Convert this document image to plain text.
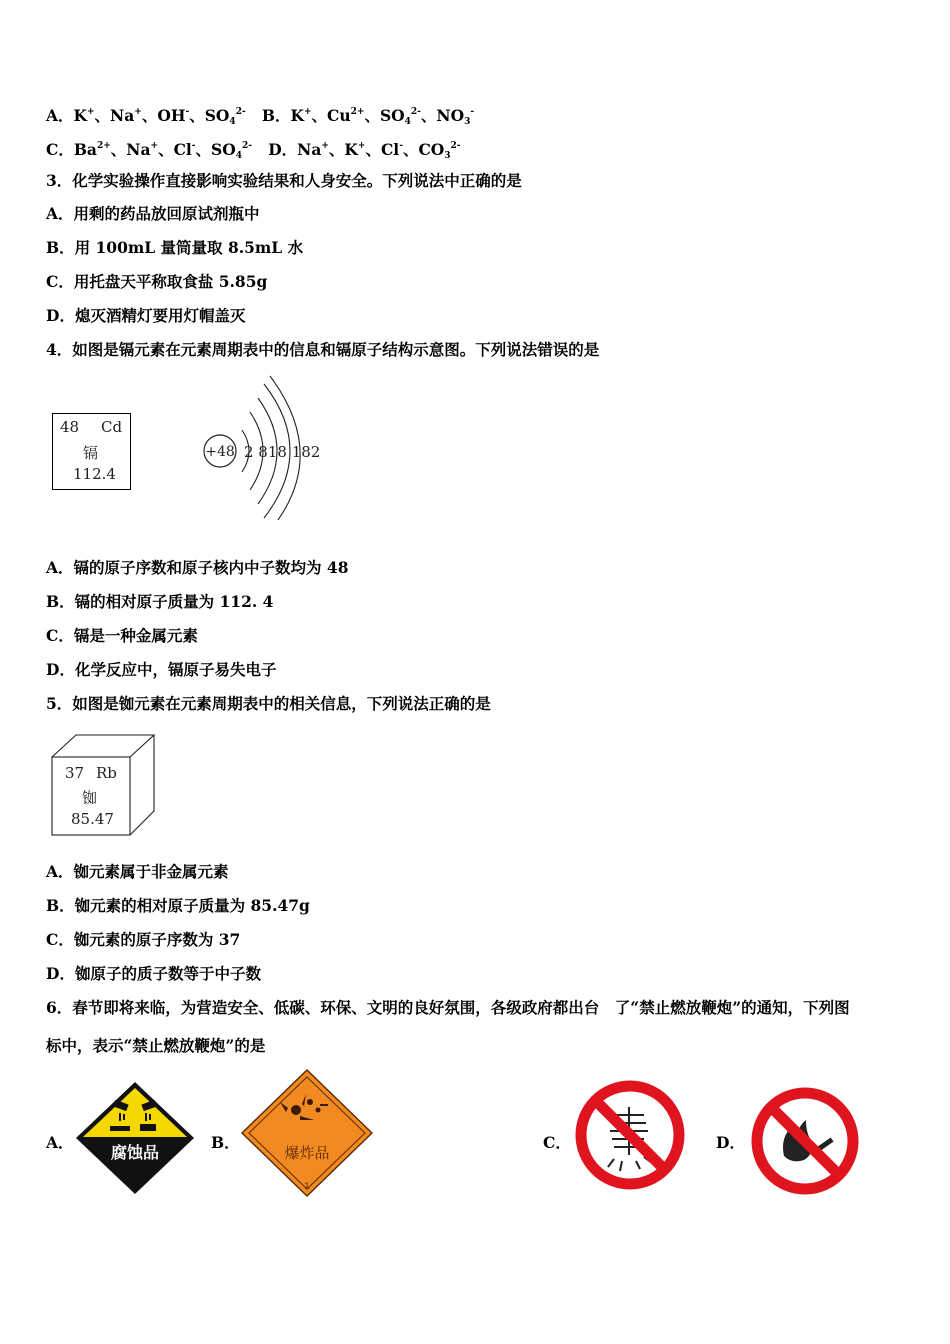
A．K+、Na+、OH-、$SO_4^{2-}$ B．K+、$Cu^{2+}$、$SO_4^{2-}$、$NO_3^-$
C．$Ba^{2+}$、Na+、Cl-、$SO_4^{2-}$ D．Na+、K+、Cl-、$CO_3^{2-}$
3．化学实验操作直接影响实验结果和人身安全。下列说法中正确的是
A．用剩的药品放回原试剂瓶中
B．用 100mL 量筒量取 8.5mL 水
C．用托盘天平称取食盐 5.85g
D．熄灭酒精灯要用灯帽盖灭
4．如图是镉元素在元素周期表中的信息和镉原子结构示意图。下列说法错误的是
48 Cd
镉
112.4
+48 2 818 182
A．镉的原子序数和原子核内中子数均为 48
B．镉的相对原子质量为 112. 4
C．镉是一种金属元素
D．化学反应中，镉原子易失电子
5．如图是铷元素在元素周期表中的相关信息，下列说法正确的是
37 Rb
铷
85.47
A．铷元素属于非金属元素
B．铷元素的相对原子质量为 85.47g
C．铷元素的原子序数为 37
D．铷原子的质子数等于中子数
6．春节即将来临，为营造安全、低碳、环保、文明的良好氛围，各级政府都出台　了“禁止燃放鞭炮”的通知，下列图
标中，表示“禁止燃放鞭炮”的是
A．
腐蚀品
B．
爆炸品
1
C．	D．
